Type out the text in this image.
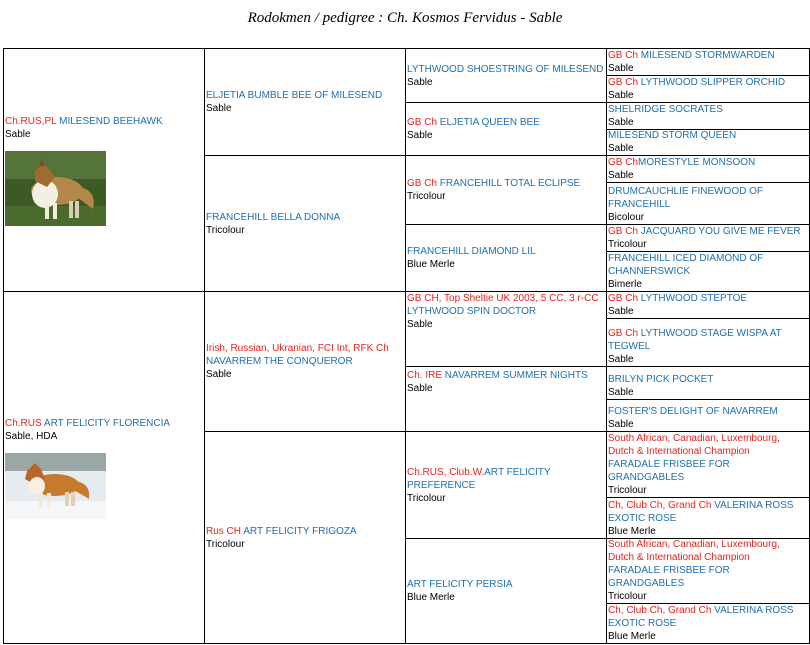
Rodokmen / pedigree : Ch. Kosmos Fervidus - Sable
Ch.RUS,PL MILESEND BEEHAWK
Sable
Ch.RUS ART FELICITY FLORENCIA
Sable, HDA
ELJETIA BUMBLE BEE OF MILESEND
Sable
FRANCEHILL BELLA DONNA
Tricolour
Irish, Russian, Ukranian, FCI Int, RFK Ch
NAVARREM THE CONQUEROR
Sable
Rus CH ART FELICITY FRIGOZA
Tricolour
LYTHWOOD SHOESTRING OF MILESEND
Sable
GB Ch ELJETIA QUEEN BEE
Sable
GB Ch FRANCEHILL TOTAL ECLIPSE
Tricolour
FRANCEHILL DIAMOND LIL
Blue Merle
GB CH, Top Sheltie UK 2003, 5 CC, 3 r-CC LYTHWOOD SPIN DOCTOR
Sable
Ch. IRE NAVARREM SUMMER NIGHTS
Sable
Ch.RUS, Club.W.ART FELICITY PREFERENCE
Tricolour
ART FELICITY PERSIA
Blue Merle
GB Ch MILESEND STORMWARDEN
Sable
GB Ch LYTHWOOD SLIPPER ORCHID
Sable
SHELRIDGE SOCRATES
Sable
MILESEND STORM QUEEN
Sable
GB ChMORESTYLE MONSOON
Sable
DRUMCAUCHLIE FINEWOOD OF FRANCEHILL
Bicolour
GB Ch JACQUARD YOU GIVE ME FEVER
Tricolour
FRANCEHILL ICED DIAMOND OF CHANNERSWICK
Bimerle
GB Ch LYTHWOOD STEPTOE
Sable
GB Ch LYTHWOOD STAGE WISPA AT TEGWEL
Sable
BRILYN PICK POCKET
Sable
FOSTER'S DELIGHT OF NAVARREM
Sable
South African, Canadian, Luxembourg, Dutch & International Champion
FARADALE FRISBEE FOR GRANDGABLES
Tricolour
Ch, Club Ch, Grand Ch VALERINA ROSS EXOTIC ROSE
Blue Merle
South African, Canadian, Luxembourg, Dutch & International Champion
FARADALE FRISBEE FOR GRANDGABLES
Tricolour
Ch, Club Ch, Grand Ch VALERINA ROSS EXOTIC ROSE
Blue Merle
